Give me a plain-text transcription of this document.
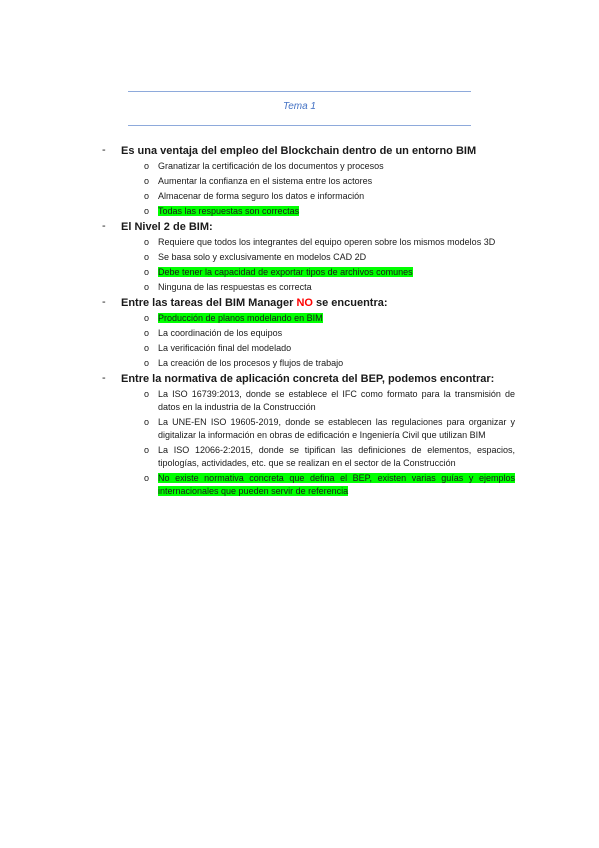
Tema 1
- Es una ventaja del empleo del Blockchain dentro de un entorno BIM
o Granatizar la certificación de los documentos y procesos
o Aumentar la confianza en el sistema entre los actores
o Almacenar de forma seguro los datos e información
o Todas las respuestas son correctas
- El Nivel 2 de BIM:
o Requiere que todos los integrantes del equipo operen sobre los mismos modelos 3D
o Se basa solo y exclusivamente en modelos CAD 2D
o Debe tener la capacidad de exportar tipos de archivos comunes
o Ninguna de las respuestas es correcta
- Entre las tareas del BIM Manager NO se encuentra:
o Producción de planos modelando en BIM
o La coordinación de los equipos
o La verificación final del modelado
o La creación de los procesos y flujos de trabajo
- Entre la normativa de aplicación concreta del BEP, podemos encontrar:
o La ISO 16739:2013, donde se establece el IFC como formato para la transmisión de datos en la industria de la Construcción
o La UNE-EN ISO 19605-2019, donde se establecen las regulaciones para organizar y digitalizar la información en obras de edificación e Ingeniería Civil que utilizan BIM
o La ISO 12066-2:2015, donde se tipifican las definiciones de elementos, espacios, tipologías, actividades, etc. que se realizan en el sector de la Construcción
o No existe normativa concreta que defina el BEP, existen varias guías y ejemplos internacionales que pueden servir de referencia
